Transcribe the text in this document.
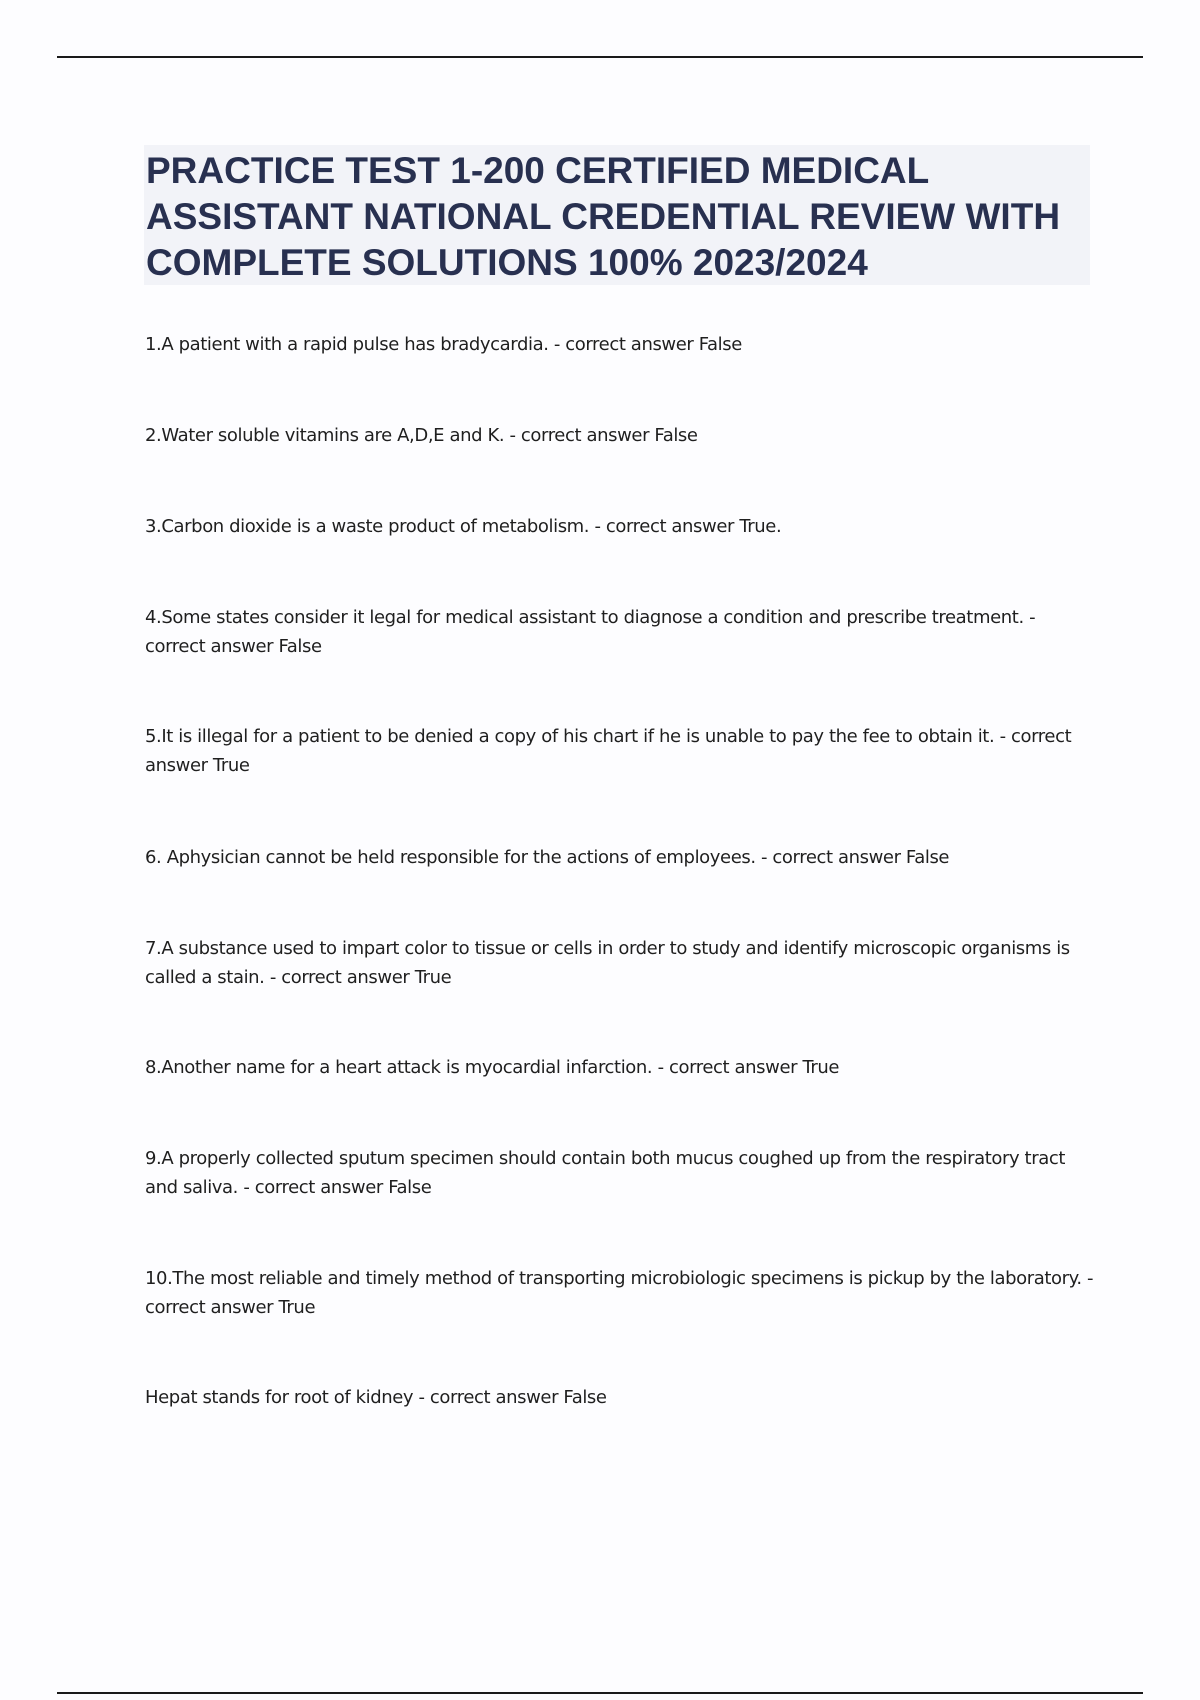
PRACTICE TEST 1-200 CERTIFIED MEDICAL ASSISTANT NATIONAL CREDENTIAL REVIEW WITH COMPLETE SOLUTIONS 100% 2023/2024
1.A patient with a rapid pulse has bradycardia. - correct answer False
2.Water soluble vitamins are A,D,E and K. - correct answer False
3.Carbon dioxide is a waste product of metabolism. - correct answer True.
4.Some states consider it legal for medical assistant to diagnose a condition and prescribe treatment. - correct answer False
5.It is illegal for a patient to be denied a copy of his chart if he is unable to pay the fee to obtain it. - correct answer True
6. Aphysician cannot be held responsible for the actions of employees. - correct answer False
7.A substance used to impart color to tissue or cells in order to study and identify microscopic organisms is called a stain. - correct answer True
8.Another name for a heart attack is myocardial infarction. - correct answer True
9.A properly collected sputum specimen should contain both mucus coughed up from the respiratory tract and saliva. - correct answer False
10.The most reliable and timely method of transporting microbiologic specimens is pickup by the laboratory. - correct answer True
Hepat stands for root of kidney - correct answer False
